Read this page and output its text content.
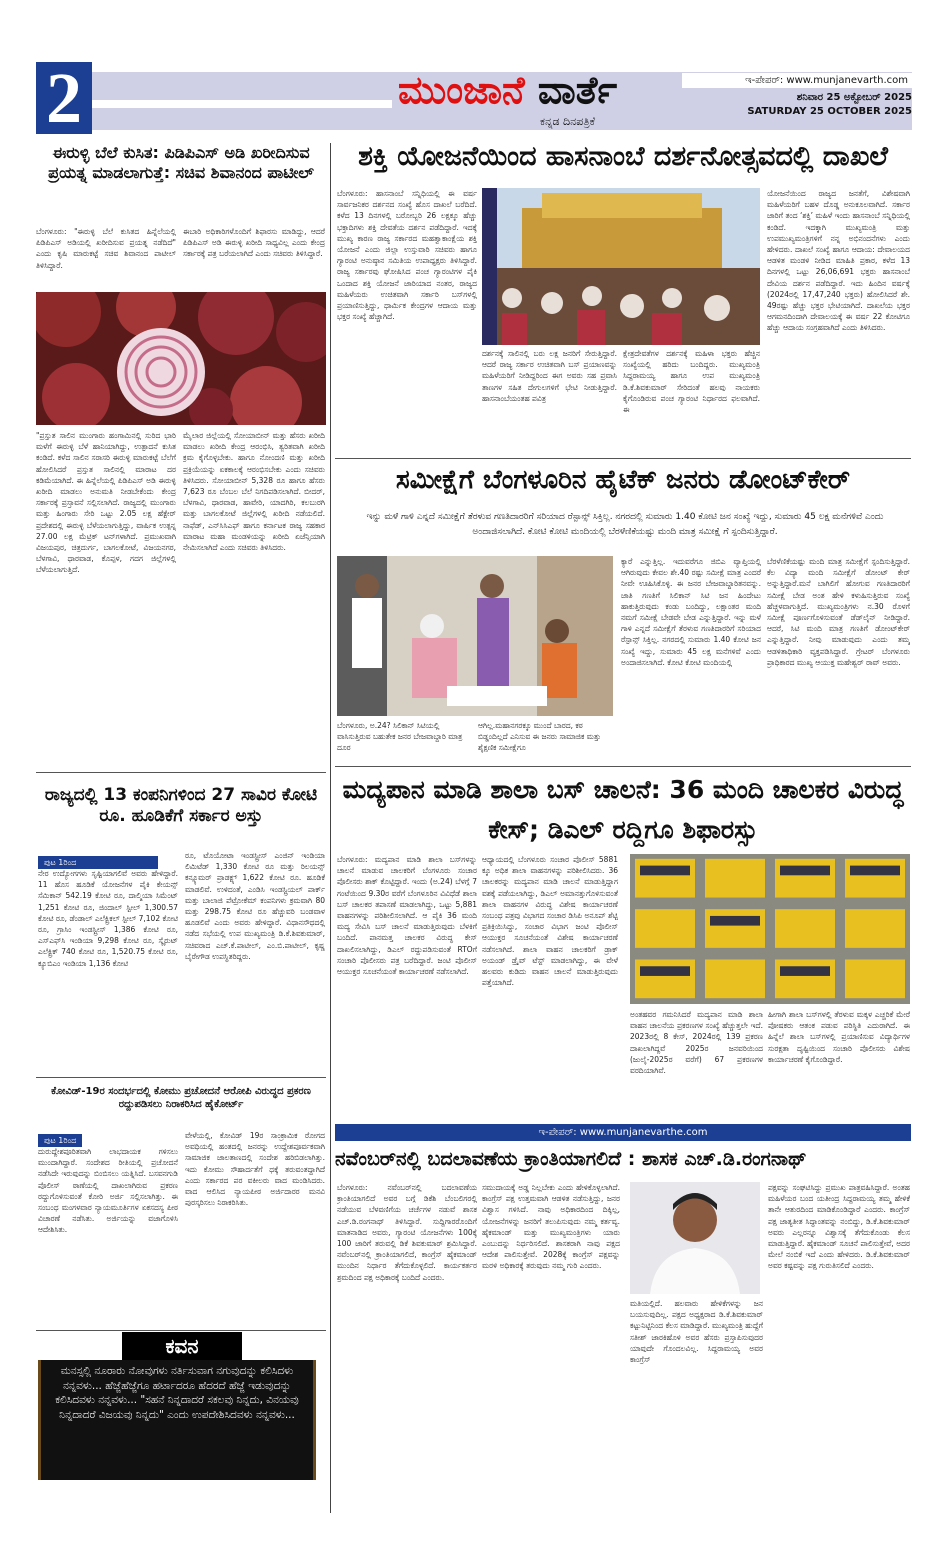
2	ಮುಂಜಾನೆ ವಾರ್ತೆ
ಕನ್ನಡ ದಿನಪತ್ರಿಕೆ
ಇ-ಪೇಪರ್: www.munjanevarth.com
ಶನಿವಾರ 25 ಅಕ್ಟೋಬರ್ 2025
SATURDAY 25 OCTOBER 2025
ಈರುಳ್ಳಿ ಬೆಲೆ ಕುಸಿತ: ಪಿಡಿಪಿಎಸ್ ಅಡಿ ಖರೀದಿಸುವ ಪ್ರಯತ್ನ ಮಾಡಲಾಗುತ್ತೆ: ಸಚಿವ ಶಿವಾನಂದ ಪಾಟೀಲ್
ಬೆಂಗಳೂರು: "ಈರುಳ್ಳಿ ಬೆಲೆ ಕುಸಿತದ ಹಿನ್ನೆಲೆಯಲ್ಲಿ ಪಿಡಿಪಿಎಸ್ ಅಡಿಯಲ್ಲಿ ಖರೀದಿಸುವ ಪ್ರಯತ್ನ ನಡೆದಿದೆ" ಎಂದು ಕೃಷಿ ಮಾರುಕಟ್ಟೆ ಸಚಿವ ಶಿವಾನಂದ ಪಾಟೀಲ್ ತಿಳಿಸಿದ್ದಾರೆ.
ಈಬಾರಿ ಅಧಿಕಾರಿಗಳೊಂದಿಗೆ ಶಿಫಾರಸು ಮಾಡಿದ್ದು, ಆದರೆ ಪಿಡಿಪಿಎಸ್ ಅಡಿ ಈರುಳ್ಳಿ ಖರೀದಿ ಸಾಧ್ಯವಿಲ್ಲ ಎಂದು ಕೇಂದ್ರ ಸರ್ಕಾರಕ್ಕೆ ಪತ್ರ ಬರೆಯಲಾಗಿದೆ ಎಂದು ಸಚಿವರು ತಿಳಿಸಿದ್ದಾರೆ.
"ಪ್ರಸ್ತುತ ಸಾಲಿನ ಮುಂಗಾರು ಹಂಗಾಮಿನಲ್ಲಿ ಸುರಿದ ಭಾರಿ ಮಳೆಗೆ ಈರುಳ್ಳಿ ಬೆಳೆ ಹಾನಿಯಾಗಿದ್ದು, ಉತ್ಪಾದನೆ ಕುಸಿತ ಕಂಡಿದೆ. ಕಳೆದ ಸಾಲಿನ ಸರಾಸರಿ ಈರುಳ್ಳಿ ಮಾರುಕಟ್ಟೆ ಬೆಲೆಗೆ ಹೋಲಿಸಿದರೆ ಪ್ರಸ್ತುತ ಸಾಲಿನಲ್ಲಿ ಮಾರಾಟ ದರ ಕಡಿಮೆಯಾಗಿದೆ. ಈ ಹಿನ್ನೆಲೆಯಲ್ಲಿ ಪಿಡಿಪಿಎಸ್ ಅಡಿ ಈರುಳ್ಳಿ ಖರೀದಿ ಮಾಡಲು ಅನುಮತಿ ನೀಡಬೇಕೆಂದು ಕೇಂದ್ರ ಸರ್ಕಾರಕ್ಕೆ ಪ್ರಸ್ತಾವನೆ ಸಲ್ಲಿಸಲಾಗಿದೆ. ರಾಜ್ಯದಲ್ಲಿ ಮುಂಗಾರು ಮತ್ತು ಹಿಂಗಾರು ಸೇರಿ ಒಟ್ಟು 2.05 ಲಕ್ಷ ಹೆಕ್ಟೇರ್ ಪ್ರದೇಶದಲ್ಲಿ ಈರುಳ್ಳಿ ಬೆಳೆಯಲಾಗುತ್ತಿದ್ದು, ವಾರ್ಷಿಕ ಉತ್ಪನ್ನ 27.00 ಲಕ್ಷ ಮೆಟ್ರಿಕ್ ಟನ್‌ಗಳಾಗಿದೆ. ಪ್ರಮುಖವಾಗಿ ವಿಜಯಪುರ, ಚಿತ್ರದುರ್ಗ, ಬಾಗಲಕೋಟೆ, ವಿಜಯನಗರ, ಬೆಳಗಾವಿ, ಧಾರವಾಡ, ಕೊಪ್ಪಳ, ಗದಗ ಜಿಲ್ಲೆಗಳಲ್ಲಿ ಬೆಳೆಯಲಾಗುತ್ತಿದೆ.
ಮೈಲಾರ ಜಿಲ್ಲೆಯಲ್ಲಿ ಸೋಯಾಬೀನ್ ಮತ್ತು ಹೆಸರು ಖರೀದಿ ಮಾಡಲು ಖರೀದಿ ಕೇಂದ್ರ ಆರಂಭಿಸಿ, ತ್ವರಿತವಾಗಿ ಖರೀದಿ ಕ್ರಮ ಕೈಗೊಳ್ಳಬೇಕು. ಹಾಗೂ ನೋಂದಣಿ ಮತ್ತು ಖರೀದಿ ಪ್ರಕ್ರಿಯೆಯನ್ನು ಏಕಕಾಲಕ್ಕೆ ಆರಂಭಿಸಬೇಕು ಎಂದು ಸಚಿವರು ತಿಳಿಸಿದರು. ಸೋಯಾಬೀನ್ 5,328 ರೂ ಹಾಗೂ ಹೆಸರು 7,623 ರೂ ಬೆಂಬಲ ಬೆಲೆ ನಿಗದಿಪಡಿಸಲಾಗಿದೆ. ಬೀದರ್, ಬೆಳಗಾವಿ, ಧಾರವಾಡ, ಹಾವೇರಿ, ಯಾದಗಿರಿ, ಕಲಬುರಗಿ ಮತ್ತು ಬಾಗಲಕೋಟೆ ಜಿಲ್ಲೆಗಳಲ್ಲಿ ಖರೀದಿ ನಡೆಯಲಿದೆ. ನಾಫೆಡ್, ಎನ್‌ಸಿಸಿಎಫ್ ಹಾಗೂ ಕರ್ನಾಟಕ ರಾಜ್ಯ ಸಹಕಾರ ಮಾರಾಟ ಮಹಾ ಮಂಡಳಿಯನ್ನು ಖರೀದಿ ಏಜೆನ್ಸಿಯಾಗಿ ನೇಮಿಸಲಾಗಿದೆ ಎಂದು ಸಚಿವರು ತಿಳಿಸಿದರು.
ರಾಜ್ಯದಲ್ಲಿ 13 ಕಂಪನಿಗಳಿಂದ 27 ಸಾವಿರ ಕೋಟಿ ರೂ. ಹೂಡಿಕೆಗೆ ಸರ್ಕಾರ ಅಸ್ತು
ಪುಟ 1ರಿಂದ
ನೇರ ಉದ್ಯೋಗಗಳು ಸೃಷ್ಟಿಯಾಗಲಿವೆ ಅವರು ಹೇಳಿದ್ದಾರೆ. 11 ಹೊಸ ಹೂಡಿಕೆ ಯೋಜನೆಗಳ ಪೈಕಿ ಕೇಯನ್ಸ್ ಸೆಮಿಕಾನ್ 542.19 ಕೋಟಿ ರೂ, ದಾಲ್ಮಿಯಾ ಸಿಮೆಂಟ್ 1,251 ಕೋಟಿ ರೂ, ಜಿಂದಾಲ್ ಸ್ಟೀಲ್ 1,300.57 ಕೋಟಿ ರೂ, ಡೆಂಡಾಲ್ ಎಲೆಕ್ಟ್ರಿಕಲ್ ಸ್ಟೀಲ್ 7,102 ಕೋಟಿ ರೂ, ಗ್ರಾಸಿಂ ಇಂಡಸ್ಟ್ರೀಸ್ 1,386 ಕೋಟಿ ರೂ, ಎಸ್‌ಎಫ್‌ಸಿ ಇಂಡಿಯಾ 9,298 ಕೋಟಿ ರೂ, ಸ್ಕೈರುಟ್ ಎಲೆಕ್ಟ್ರಿಕ್ 740 ಕೋಟಿ ರೂ, 1,520.75 ಕೋಟಿ ರೂ, ಕ್ಯೂಬಿಎಂ ಇಂಡಿಯಾ 1,136 ಕೋಟಿ
ರೂ, ಟೊಯೋಟಾ ಇಂಡಸ್ಟ್ರೀಸ್ ಎಂಜಿನ್ ಇಂಡಿಯಾ ಲಿಮಿಟೆಡ್ 1,330 ಕೋಟಿ ರೂ ಮತ್ತು ರಿಲಯನ್ಸ್ ಕನ್ಸ್ಯೂಮರ್ ಪ್ರಾಡಕ್ಟ್ಸ್ 1,622 ಕೋಟಿ ರೂ. ಹೂಡಿಕೆ ಮಾಡಲಿವೆ. ಉಳಿದಂತೆ, ಎಂಡಿಸಿ ಇಂಡಸ್ಟ್ರಿಯಲ್ ಪಾರ್ಕ್ ಮತ್ತು ಬಾಲಾಜಿ ಪೆಟ್ರೋಕೆಮ್ ಕಂಪನಿಗಳು ಕ್ರಮವಾಗಿ 80 ಮತ್ತು 298.75 ಕೋಟಿ ರೂ ಹೆಚ್ಚುವರಿ ಬಂಡವಾಳ ಹೂಡಲಿವೆ ಎಂದು ಅವರು ಹೇಳಿದ್ದಾರೆ. ವಿಧಾನಸೌಧದಲ್ಲಿ ನಡೆದ ಸಭೆಯಲ್ಲಿ ಉಪ ಮುಖ್ಯಮಂತ್ರಿ ಡಿ.ಕೆ.ಶಿವಕುಮಾರ್, ಸಚಿವರಾದ ಎಚ್.ಕೆ.ಪಾಟೀಲ್, ಎಂ.ಬಿ.ಪಾಟೀಲ್, ಕೃಷ್ಣ ಬೈರೇಗೌಡ ಉಪಸ್ಥಿತರಿದ್ದರು.
ಕೋವಿಡ್-19ರ ಸಂದರ್ಭದಲ್ಲಿ ಕೋಮು ಪ್ರಚೋದನೆ ಆರೋಪಿ ವಿರುದ್ಧದ ಪ್ರಕರಣ ರದ್ದುಪಡಿಸಲು ನಿರಾಕರಿಸಿದ ಹೈಕೋರ್ಟ್
ಪುಟ 1ರಿಂದ
ದುರುದ್ದೇಶಪೂರಿತವಾಗಿ ಲಾಭದಾಯಕ ಗಳಿಸಲು ಮುಂದಾಗಿದ್ದಾರೆ. ಸಂದೇಶದ ರೀತಿಯಲ್ಲಿ ಪ್ರಚೋದನೆ ನಡೆಸಿದೇ ಇರುವುದನ್ನು ಬಿಂಬಿಸಲು ಯತ್ನಿಸಿದೆ. ಬಸವನಗುಡಿ ಪೊಲೀಸ್ ಠಾಣೆಯಲ್ಲಿ ದಾಖಲಾಗಿರುವ ಪ್ರಕರಣ ರದ್ದುಗೊಳಿಸುವಂತೆ ಕೋರಿ ಅರ್ಜಿ ಸಲ್ಲಿಸಲಾಗಿತ್ತು. ಈ ಸಂಬಂಧ ಮಂಗಳವಾರ ನ್ಯಾಯಮೂರ್ತಿಗಳ ಏಕಸದಸ್ಯ ಪೀಠ ವಿಚಾರಣೆ ನಡೆಸಿತು. ಅರ್ಜಿಯನ್ನು ವಜಾಗೊಳಿಸಿ ಆದೇಶಿಸಿತು.
ವೇಳೆಯಲ್ಲಿ, ಕೋವಿಡ್ 19ರ ಸಾಂಕ್ರಾಮಿಕ ರೋಗದ ಅವಧಿಯಲ್ಲಿ ಹಂತದಲ್ಲಿ ಜನರನ್ನು ಉದ್ದೇಶಪೂರ್ವಕವಾಗಿ ಸಾಮಾಜಿಕ ಜಾಲತಾಣದಲ್ಲಿ ಸಂದೇಶ ಹರಿಬಿಡಲಾಗಿತ್ತು. ಇದು ಕೋಮು ಸೌಹಾರ್ದತೆಗೆ ಧಕ್ಕೆ ತರುವಂತದ್ದಾಗಿದೆ ಎಂದು ಸರ್ಕಾರದ ಪರ ವಕೀಲರು ವಾದ ಮಂಡಿಸಿದರು. ವಾದ ಆಲಿಸಿದ ನ್ಯಾಯಪೀಠ ಅರ್ಜಿದಾರರ ಮನವಿ ಪುರಸ್ಕರಿಸಲು ನಿರಾಕರಿಸಿತು.
ಕವನ
ಮನಸ್ಸಲ್ಲಿ ನೂರಾರು ನೋವುಗಳು ನರ್ತಿಸುವಾಗ ನಗುವುದನ್ನು ಕಲಿಸಿದಳು ನನ್ನವಳು... ಹೆಜ್ಜೆಹೆಜ್ಜೆಗೂ ಹರ್ಟಾದರೂ ಹೆದರದೆ ಹೆಜ್ಜೆ ಇಡುವುದನ್ನು ಕಲಿಸಿದವಳು ನನ್ನವಳು... "ಸಹನೆ ನಿನ್ನದಾದರೆ ಸಕಲವು ನಿನ್ನದು, ವಿನಯವು ನಿನ್ನದಾದರೆ ವಿಜಯವು ನಿನ್ನದು" ಎಂದು ಉಪದೇಶಿಸಿದವಳು ನನ್ನವಳು...
ಶಕ್ತಿ ಯೋಜನೆಯಿಂದ ಹಾಸನಾಂಬೆ ದರ್ಶನೋತ್ಸವದಲ್ಲಿ ದಾಖಲೆ
ಬೆಂಗಳೂರು: ಹಾಸನಾಂಬೆ ಸನ್ನಿಧಿಯಲ್ಲಿ ಈ ವರ್ಷ ಸಾರ್ವಜನಿಕರ ದರ್ಶನದ ಸಂಖ್ಯೆ ಹೊಸ ದಾಖಲೆ ಬರೆದಿದೆ. ಕಳೆದ 13 ದಿನಗಳಲ್ಲಿ ಬರೋಬ್ಬರಿ 26 ಲಕ್ಷಕ್ಕೂ ಹೆಚ್ಚು ಭಕ್ತಾದಿಗಳು ಶಕ್ತಿ ದೇವತೆಯ ದರ್ಶನ ಪಡೆದಿದ್ದಾರೆ. ಇದಕ್ಕೆ ಮುಖ್ಯ ಕಾರಣ ರಾಜ್ಯ ಸರ್ಕಾರದ ಮಹತ್ವಾಕಾಂಕ್ಷೆಯ ಶಕ್ತಿ ಯೋಜನೆ ಎಂದು ಜಿಲ್ಲಾ ಉಸ್ತುವಾರಿ ಸಚಿವರು ಹಾಗೂ ಗ್ಯಾರಂಟಿ ಅನುಷ್ಠಾನ ಸಮಿತಿಯ ಉಪಾಧ್ಯಕ್ಷರು ತಿಳಿಸಿದ್ದಾರೆ. ರಾಜ್ಯ ಸರ್ಕಾರವು ಘೋಷಿಸಿದ ಪಂಚ ಗ್ಯಾರಂಟಿಗಳ ಪೈಕಿ ಒಂದಾದ ಶಕ್ತಿ ಯೋಜನೆ ಜಾರಿಯಾದ ನಂತರ, ರಾಜ್ಯದ ಮಹಿಳೆಯರು ಉಚಿತವಾಗಿ ಸರ್ಕಾರಿ ಬಸ್‌ಗಳಲ್ಲಿ ಪ್ರಯಾಣಿಸುತ್ತಿದ್ದು, ಧಾರ್ಮಿಕ ಕೇಂದ್ರಗಳ ಆದಾಯ ಮತ್ತು ಭಕ್ತರ ಸಂಖ್ಯೆ ಹೆಚ್ಚಾಗಿದೆ.
ದರ್ಶನಕ್ಕೆ ಸಾಲಿನಲ್ಲಿ ಬರು ಲಕ್ಷ ಜನರಿಗೆ ಸೇರುತ್ತಿದ್ದಾರೆ. ಆದರೆ ರಾಜ್ಯ ಸರ್ಕಾರ ಉಚಿತವಾಗಿ ಬಸ್ ಪ್ರಯಾಣವನ್ನು ಮಹಿಳೆಯರಿಗೆ ನೀಡಿದ್ದರಿಂದ ಈಗ ಅವರು ಸಹ ಪ್ರವಾಸಿ ತಾಣಗಳ ಸಹಿತ ದೇಗುಲಗಳಿಗೆ ಭೇಟಿ ನೀಡುತ್ತಿದ್ದಾರೆ. ಹಾಸನಾಂಬೆಯಂತಹ ಪವಿತ್ರ
ಕ್ಷೇತ್ರದೇವತೆಗಳ ದರ್ಶನಕ್ಕೆ ಮಹಿಳಾ ಭಕ್ತರು ಹೆಚ್ಚಿನ ಸಂಖ್ಯೆಯಲ್ಲಿ ಹರಿದು ಬಂದಿದ್ದರು. ಮುಖ್ಯಮಂತ್ರಿ ಸಿದ್ದರಾಮಯ್ಯ ಹಾಗೂ ಉಪ ಮುಖ್ಯಮಂತ್ರಿ ಡಿ.ಕೆ.ಶಿವಕುಮಾರ್ ಸೇರಿದಂತೆ ಹಲವು ನಾಯಕರು ಕೈಗೊಂಡಿರುವ ಪಂಚ ಗ್ಯಾರಂಟಿ ನಿರ್ಧಾರದ ಫಲವಾಗಿದೆ. ಈ
ಯೋಜನೆಯಿಂದ ರಾಜ್ಯದ ಜನತೆಗೆ, ವಿಶೇಷವಾಗಿ ಮಹಿಳೆಯರಿಗೆ ಬಹಳ ದೊಡ್ಡ ಅನುಕೂಲವಾಗಿದೆ. ಸರ್ಕಾರ ಜಾರಿಗೆ ತಂದ ‘ಶಕ್ತಿ’ ಮಹಿಳೆ ಇಂದು ಹಾಸನಾಂಬೆ ಸನ್ನಿಧಿಯಲ್ಲಿ ಕಂಡಿದೆ. ಇದಕ್ಕಾಗಿ ಮುಖ್ಯಮಂತ್ರಿ ಮತ್ತು ಉಪಮುಖ್ಯಮಂತ್ರಿಗಳಿಗೆ ನನ್ನ ಅಭಿನಂದನೆಗಳು ಎಂದು ಹೇಳಿದರು. ದಾಖಲೆ ಸಂಖ್ಯೆ ಹಾಗೂ ಆದಾಯ: ದೇವಾಲಯದ ಆಡಳಿತ ಮಂಡಳಿ ನೀಡಿದ ಮಾಹಿತಿ ಪ್ರಕಾರ, ಕಳೆದ 13 ದಿನಗಳಲ್ಲಿ ಒಟ್ಟು 26,06,691 ಭಕ್ತರು ಹಾಸನಾಂಬೆ ದೇವಿಯ ದರ್ಶನ ಪಡೆದಿದ್ದಾರೆ. ಇದು ಹಿಂದಿನ ವರ್ಷಕ್ಕೆ (2024ರಲ್ಲಿ 17,47,240 ಭಕ್ತರು) ಹೋಲಿಸಿದರೆ ಶೇ. 49ರಷ್ಟು ಹೆಚ್ಚು ಭಕ್ತರ ಭೇಟಿಯಾಗಿದೆ. ದಾಖಲೆಯ ಭಕ್ತರ ಆಗಮನದಿಂದಾಗಿ ದೇವಾಲಯಕ್ಕೆ ಈ ವರ್ಷ 22 ಕೋಟಿಗೂ ಹೆಚ್ಚು ಆದಾಯ ಸಂಗ್ರಹವಾಗಿದೆ ಎಂದು ತಿಳಿಸಿದರು.
ಸಮೀಕ್ಷೆಗೆ ಬೆಂಗಳೂರಿನ ಹೈಟೆಕ್ ಜನರು ಡೋಂಟ್‌ಕೇರ್
ಇನ್ನು ಮಳೆ ಗಾಳಿ ಎನ್ನದೆ ಸಮೀಕ್ಷೆಗೆ ತೆರಳುವ ಗಣತಿದಾರರಿಗೆ ಸರಿಯಾದ ರೆಸ್ಪಾನ್ಸ್ ಸಿಕ್ತಿಲ್ಲ. ನಗರದಲ್ಲಿ ಸುಮಾರು 1.40 ಕೋಟಿ ಜನ ಸಂಖ್ಯೆ ಇದ್ದು, ಸುಮಾರು 45 ಲಕ್ಷ ಮನೆಗಳಿವೆ ಎಂದು ಅಂದಾಜಿಸಲಾಗಿದೆ. ಕೋಟಿ ಕೋಟಿ ಮಂದಿಯಲ್ಲಿ ಬೆರಳೆಣಿಕೆಯಷ್ಟು ಮಂದಿ ಮಾತ್ರ ಸಮೀಕ್ಷೆ ಗೆ ಸ್ಪಂದಿಸುತ್ತಿದ್ದಾರೆ.
ಬೆಂಗಳೂರು, ಅ.24? ಸಿಲಿಕಾನ್ ಸಿಟಿಯಲ್ಲಿ ವಾಸಿಸುತ್ತಿರುವ ಬಹುತೇಕ ಜನರ ಬೇಜವಾಬ್ದಾರಿ ಮಾತ್ರ ದೂರ
ಆಗಿಲ್ಲ.ಮಹಾನಗರಕ್ಕೂ ಮುಂದೆ ಬಾರದ, ಕಠ ಬಿಡ್ಡಂದಿಲ್ಲದೆ ಎನಿಸುವ ಈ ಜನರು ಸಾಮಾಜಿಕ ಮತ್ತು ಶೈಕ್ಷಣಿಕ ಸಮೀಕ್ಷೆಗೂ
ಕ್ಯಾರೆ ಎನ್ನುತ್ತಿಲ್ಲ. ಇದುವರೆಗೂ ಜಿಬಿಎ ವ್ಯಾಪ್ತಿಯಲ್ಲಿ ಆಗಿರುವುದು ಕೇವಲ ಶೇ.40 ರಷ್ಟು ಸಮೀಕ್ಷೆ ಮಾತ್ರ ಎಂದರೆ ನೀವೇ ಊಹಿಸಿಕೊಳ್ಳಿ. ಈ ಜನರ ಬೇಜವಾಬ್ದಾರಿತನವನ್ನು. ಜಾತಿ ಗಣತಿಗೆ ಸಿಲಿಕಾನ್ ಸಿಟಿ ಜನ ಹಿಂದೇಟು ಹಾಕುತ್ತಿರುವುದು ಕಂಡು ಬಂದಿದ್ದು, ಲಕ್ಷಾಂತರ ಮಂದಿ ನಮಗೆ ಸಮೀಕ್ಷೆ ಬೇಡವೇ ಬೇಡ ಎನ್ನುತ್ತಿದ್ದಾರೆ. ಇನ್ನು ಮಳೆ ಗಾಳಿ ಎನ್ನದೆ ಸಮೀಕ್ಷೆಗೆ ತೆರಳುವ ಗಣತಿದಾರರಿಗೆ ಸರಿಯಾದ ರೆಸ್ಪಾನ್ಸ್ ಸಿಕ್ತಿಲ್ಲ. ನಗರದಲ್ಲಿ ಸುಮಾರು 1.40 ಕೋಟಿ ಜನ ಸಂಖ್ಯೆ ಇದ್ದು, ಸುಮಾರು 45 ಲಕ್ಷ ಮನೆಗಳಿವೆ ಎಂದು ಅಂದಾಜಿಸಲಾಗಿದೆ. ಕೋಟಿ ಕೋಟಿ ಮಂದಿಯಲ್ಲಿ
ಬೆರಳೆಣಿಕೆಯಷ್ಟು ಮಂದಿ ಮಾತ್ರ ಸಮೀಕ್ಷೆಗೆ ಸ್ಪಂದಿಸುತ್ತಿದ್ದಾರೆ. ಕೆಲ ವಿದ್ಯಾ ಮಂದಿ ಸಮೀಕ್ಷೆಗೆ ಡೋಂಟ್ ಕೇರ್ ಅನ್ನುತ್ತಿದ್ದಾರೆ.ಮನೆ ಬಾಗಿಲಿಗೆ ಹೋಗುವ ಗಣತಿದಾರರಿಗೆ ಸಮೀಕ್ಷೆ ಬೇಡ ಅಂತ ಹೇಳಿ ಕಳುಹಿಸುತ್ತಿರುವ ಸಂಖ್ಯೆ ಹೆಚ್ಚಳವಾಗುತ್ತಿದೆ. ಮುಖ್ಯಮಂತ್ರಿಗಳು ನ.30 ರೊಳಗೆ ಸಮೀಕ್ಷೆ ಪೂರ್ಣಗೊಳಿಸುವಂತೆ ಡೆಡ್‌ಲೈನ್ ನೀಡಿದ್ದಾರೆ. ಆದರೆ, ಸಿಟಿ ಮಂದಿ ಮಾತ್ರ ಗಣತಿಗೆ ಡೋಂಟ್‌ಕೇರ್ ಎನ್ನುತ್ತಿದ್ದಾರೆ. ನೀವು ಮಾಡುವುದು ಎಂದು ತಮ್ಮ ಆಡಳಿತಾಧಿಕಾರಿ ವ್ಯಕ್ತಪಡಿಸಿದ್ದಾರೆ. ಗ್ರೇಟರ್ ಬೆಂಗಳೂರು ಪ್ರಾಧಿಕಾರದ ಮುಖ್ಯ ಆಯುಕ್ತ ಮಹೇಶ್ವರ್ ರಾವ್ ಅವರು.
ಮದ್ಯಪಾನ ಮಾಡಿ ಶಾಲಾ ಬಸ್ ಚಾಲನೆ: 36 ಮಂದಿ ಚಾಲಕರ ವಿರುದ್ಧ ಕೇಸ್; ಡಿಎಲ್ ರದ್ದಿಗೂ ಶಿಫಾರಸ್ಸು
ಬೆಂಗಳೂರು: ಮದ್ಯಪಾನ ಮಾಡಿ ಶಾಲಾ ಬಸ್‌ಗಳನ್ನು ಚಾಲನೆ ಮಾಡುವ ಚಾಲಕರಿಗೆ ಬೆಂಗಳೂರು ಸಂಚಾರ ಪೊಲೀಸರು ಶಾಕ್ ಕೊಟ್ಟಿದ್ದಾರೆ. ಇಂದು (ಅ.24) ಬೆಳಗ್ಗೆ 7 ಗಂಟೆಯಿಂದ 9.30ರ ವರೆಗೆ ಬೆಂಗಳೂರಿನ ವಿವಿಧೆಡೆ ಶಾಲಾ ಬಸ್ ಚಾಲಕರ ತಪಾಸಣೆ ಮಾಡಲಾಗಿದ್ದು, ಒಟ್ಟು 5,881 ವಾಹನಗಳನ್ನು ಪರಿಶೀಲಿಸಲಾಗಿದೆ. ಆ ಪೈಕಿ 36 ಮಂದಿ ಮದ್ಯ ಸೇವಿಸಿ ಬಸ್ ಚಾಲನೆ ಮಾಡುತ್ತಿರುವುದು ಬೆಳಕಿಗೆ ಬಂದಿದೆ. ಪಾನಮತ್ತ ಚಾಲಕರ ವಿರುದ್ಧ ಕೇಸ್ ದಾಖಲಿಸಲಾಗಿದ್ದು, ಡಿಎಲ್ ರದ್ದುಪಡಿಸುವಂತೆ RTOಗೆ ಸಂಚಾರಿ ಪೊಲೀಸರು ಪತ್ರ ಬರೆದಿದ್ದಾರೆ. ಜಂಟಿ ಪೊಲೀಸ್ ಆಯುಕ್ತರ ಸೂಚನೆಯಂತೆ ಕಾರ್ಯಾಚರಣೆ ನಡೆಸಲಾಗಿದೆ.
ಆಧ್ಯಾಯದಲ್ಲಿ ಬೆಂಗಳೂರು ಸಂಚಾರ ಪೊಲೀಸ್ 5881 ಕ್ಕೂ ಅಧಿಕ ಶಾಲಾ ವಾಹನಗಳನ್ನು ಪರಿಶೀಲಿಸಿದರು. 36 ಚಾಲಕರನ್ನು ಮದ್ಯಪಾನ ಮಾಡಿ ಚಾಲನೆ ಮಾಡುತ್ತಿದ್ದಾಗ ವಶಕ್ಕೆ ಪಡೆಯಲಾಗಿದ್ದು, ಡಿಎಲ್ ಅಮಾನತ್ತುಗೊಳಿಸುವಂತೆ ಶಾಲಾ ವಾಹನಗಳ ವಿರುದ್ಧ ವಿಶೇಷ ಕಾರ್ಯಾಚರಣೆ ಸಂಬಂಧ ಪತ್ರವು ವಿಭಾಗದ ಸಂಚಾರ ಡಿಸಿಪಿ ಅನೂಪ್ ಶೆಟ್ಟಿ ಪ್ರತಿಕ್ರಿಯಿಸಿದ್ದು, ಸಂಚಾರ ವಿಭಾಗ ಜಂಟಿ ಪೊಲೀಸ್ ಆಯುಕ್ತರ ಸೂಚನೆಯಂತೆ ವಿಶೇಷ ಕಾರ್ಯಾಚರಣೆ ನಡೆಸಲಾಗಿದೆ. ಶಾಲಾ ವಾಹನ ಚಾಲಕರಿಗೆ ಡ್ರಾಕ್ ಅಯಂಡ್ ಡ್ರೈವ್ ಟೆಸ್ಟ್ ಮಾಡಲಾಗಿದ್ದು, ಈ ವೇಳೆ ಹಲವರು ಕುಡಿದು ವಾಹನ ಚಾಲನೆ ಮಾಡುತ್ತಿರುವುದು ಪತ್ತೆಯಾಗಿದೆ.
ಅಂತಹವರ ಗಮನಿಸಿದರೆ ಮದ್ಯಪಾನ ಮಾಡಿ ಶಾಲಾ ವಾಹನ ಚಾಲನೆಯ ಪ್ರಕರಣಗಳ ಸಂಖ್ಯೆ ಹೆಚ್ಚುತ್ತಲೇ ಇದೆ. 2023ರಲ್ಲಿ 8 ಕೇಸ್, 2024ರಲ್ಲಿ 139 ಪ್ರಕರಣ ದಾಖಲಾಗಿದ್ದವೆ 2025ರ ಜನವರಿಯಿಂದ (ಜುಲೈ-2025ರ ವರೆಗೆ) 67 ಪ್ರಕರಣಗಳ ವರದಿಯಾಗಿವೆ.
ಹೀಗಾಗಿ ಶಾಲಾ ಬಸ್‌ಗಳಲ್ಲಿ ತೆರಳುವ ಮಕ್ಕಳ ಎಚ್ಚರಿಕೆ ಮೇರೆ ಪೋಷಕರು ಆತಂಕ ಪಡುವ ಪರಿಸ್ಥಿತಿ ಎದುರಾಗಿದೆ. ಈ ಹಿನ್ನೆಲೆ ಶಾಲಾ ಬಸ್‌ಗಳಲ್ಲಿ ಪ್ರಯಾಣಿಸುವ ವಿದ್ಯಾರ್ಥಿಗಳ ಸುರಕ್ಷತಾ ದೃಷ್ಟಿಯಿಂದ ಸಂಚಾರಿ ಪೊಲೀಸರು ವಿಶೇಷ ಕಾರ್ಯಾಚರಣೆ ಕೈಗೊಂಡಿದ್ದಾರೆ.
ಇ-ಪೇಪರ್: www.munjanevarthe.com
ನವೆಂಬರ್‌ನಲ್ಲಿ ಬದಲಾವಣೆಯ ಕ್ರಾಂತಿಯಾಗಲಿದೆ : ಶಾಸಕ ಎಚ್.ಡಿ.ರಂಗನಾಥ್
ಬೆಂಗಳೂರು: ನವೆಂಬರ್‌ನಲ್ಲಿ ಬದಲಾವಣೆಯ ಕ್ರಾಂತಿಯಾಗಲಿದೆ ಅವರ ಬಗ್ಗೆ ಡಿಕೆಶಿ ಬೆಂಬಲಿಗರಲ್ಲಿ ನಡೆಯುವ ಬೆಳವಣಿಗೆಯ ಚರ್ಚೆಗಳ ನಡುವೆ ಶಾಸಕ ಎಚ್.ಡಿ.ರಂಗನಾಥ್ ತಿಳಿಸಿದ್ದಾರೆ. ಸುದ್ದಿಗಾರರೊಂದಿಗೆ ಮಾತನಾಡಿದ ಅವರು, ಗ್ಯಾರಂಟಿ ಯೋಜನೆಗಳು 100ಕ್ಕೆ 100 ಜಾರಿಗೆ ತರುವಲ್ಲಿ ಡಿಕೆ ಶಿವಕುಮಾರ್ ಶ್ರಮಿಸಿದ್ದಾರೆ. ನವೆಂಬರ್‌ನಲ್ಲಿ ಕ್ರಾಂತಿಯಾಗಲಿದೆ, ಕಾಂಗ್ರೆಸ್ ಹೈಕಮಾಂಡ್ ಮುಂದಿನ ನಿರ್ಧಾರ ತೆಗೆದುಕೊಳ್ಳಲಿದೆ. ಕಾರ್ಯಕರ್ತರ ಶ್ರಮದಿಂದ ಪಕ್ಷ ಅಧಿಕಾರಕ್ಕೆ ಬಂದಿದೆ ಎಂದರು.
ಸಮುದಾಯಕ್ಕೆ ಅಡ್ಡ ನಿಲ್ಲಬೇಕು ಎಂದು ಹೇಳಿಕೊಳ್ಳಲಾಗಿದೆ. ಕಾಂಗ್ರೆಸ್ ಪಕ್ಷ ಉತ್ತಮವಾಗಿ ಆಡಳಿತ ನಡೆಸುತ್ತಿದ್ದು, ಜನರ ವಿಶ್ವಾಸ ಗಳಿಸಿದೆ. ನಾವು ಅಧಿಕಾರದಿಂದ ದಿಕ್ಕಿಲ್ಲ, ಯೋಜನೆಗಳನ್ನು ಜನರಿಗೆ ತಲುಪಿಸುವುದು ನಮ್ಮ ಕರ್ತವ್ಯ. ಹೈಕಮಾಂಡ್ ಮತ್ತು ಮುಖ್ಯಮಂತ್ರಿಗಳು ಯಾರು ಎಂಬುದನ್ನು ನಿರ್ಧರಿಸಲಿದೆ. ಶಾಸಕರಾಗಿ ನಾವು ಪಕ್ಷದ ಆದೇಶ ಪಾಲಿಸುತ್ತೇವೆ. 2028ಕ್ಕೆ ಕಾಂಗ್ರೆಸ್ ಪಕ್ಷವನ್ನು ಮರಳಿ ಅಧಿಕಾರಕ್ಕೆ ತರುವುದು ನಮ್ಮ ಗುರಿ ಎಂದರು.
ಮತಿಯಲ್ಲಿದೆ. ಹಲವಾರು ಹೇಳಿಕೆಗಳನ್ನು ಜನ ಬಯಸುವುದಿಲ್ಲ. ಪಕ್ಷದ ಅಧ್ಯಕ್ಷರಾದ ಡಿ.ಕೆ.ಶಿವಕುಮಾರ್ ಕಟ್ಟುನಿಟ್ಟಿನಿಂದ ಕೆಲಸ ಮಾಡಿದ್ದಾರೆ. ಮುಖ್ಯಮಂತ್ರಿ ಹುದ್ದೆಗೆ ಸತೀಶ್ ಜಾರಕಿಹೊಳಿ ಅವರ ಹೆಸರು ಪ್ರಸ್ತಾಪಿಸುವುದರ ಯಾವುದೇ ಗೊಂದಲವಿಲ್ಲ. ಸಿದ್ದರಾಮಯ್ಯ ಅವರ ಕಾಂಗ್ರೆಸ್
ಪಕ್ಷವನ್ನು ಸಂಘಟಿಸಿದ್ದು ಪ್ರಮುಖ ಪಾತ್ರವಹಿಸಿದ್ದಾರೆ. ಅಂತಹ ಮಹಿಳೆಯರ ಬಂದ ಯತೀಂದ್ರ ಸಿದ್ದರಾಮಯ್ಯ ತಮ್ಮ ಹೇಳಿಕೆ ತಾನೇ ಆತುರದಿಂದ ಮಾಡಿಕೊಂಡಿದ್ದಾರೆ ಎಂದರು. ಕಾಂಗ್ರೆಸ್ ಪಕ್ಷ ಜಾತ್ಯತೀತ ಸಿದ್ಧಾಂತವನ್ನು ನಂಬಿದ್ದು, ಡಿ.ಕೆ.ಶಿವಕುಮಾರ್ ಅವರು ಎಲ್ಲರನ್ನೂ ವಿಶ್ವಾಸಕ್ಕೆ ತೆಗೆದುಕೊಂಡು ಕೆಲಸ ಮಾಡುತ್ತಿದ್ದಾರೆ. ಹೈಕಮಾಂಡ್ ಸೂಚನೆ ಪಾಲಿಸುತ್ತೇವೆ, ಅದರ ಮೇಲೆ ನಂಬಿಕೆ ಇದೆ ಎಂದು ಹೇಳಿದರು. ಡಿ.ಕೆ.ಶಿವಕುಮಾರ್ ಅವರ ಕಷ್ಟವನ್ನು ಪಕ್ಷ ಗುರುತಿಸಲಿದೆ ಎಂದರು.
